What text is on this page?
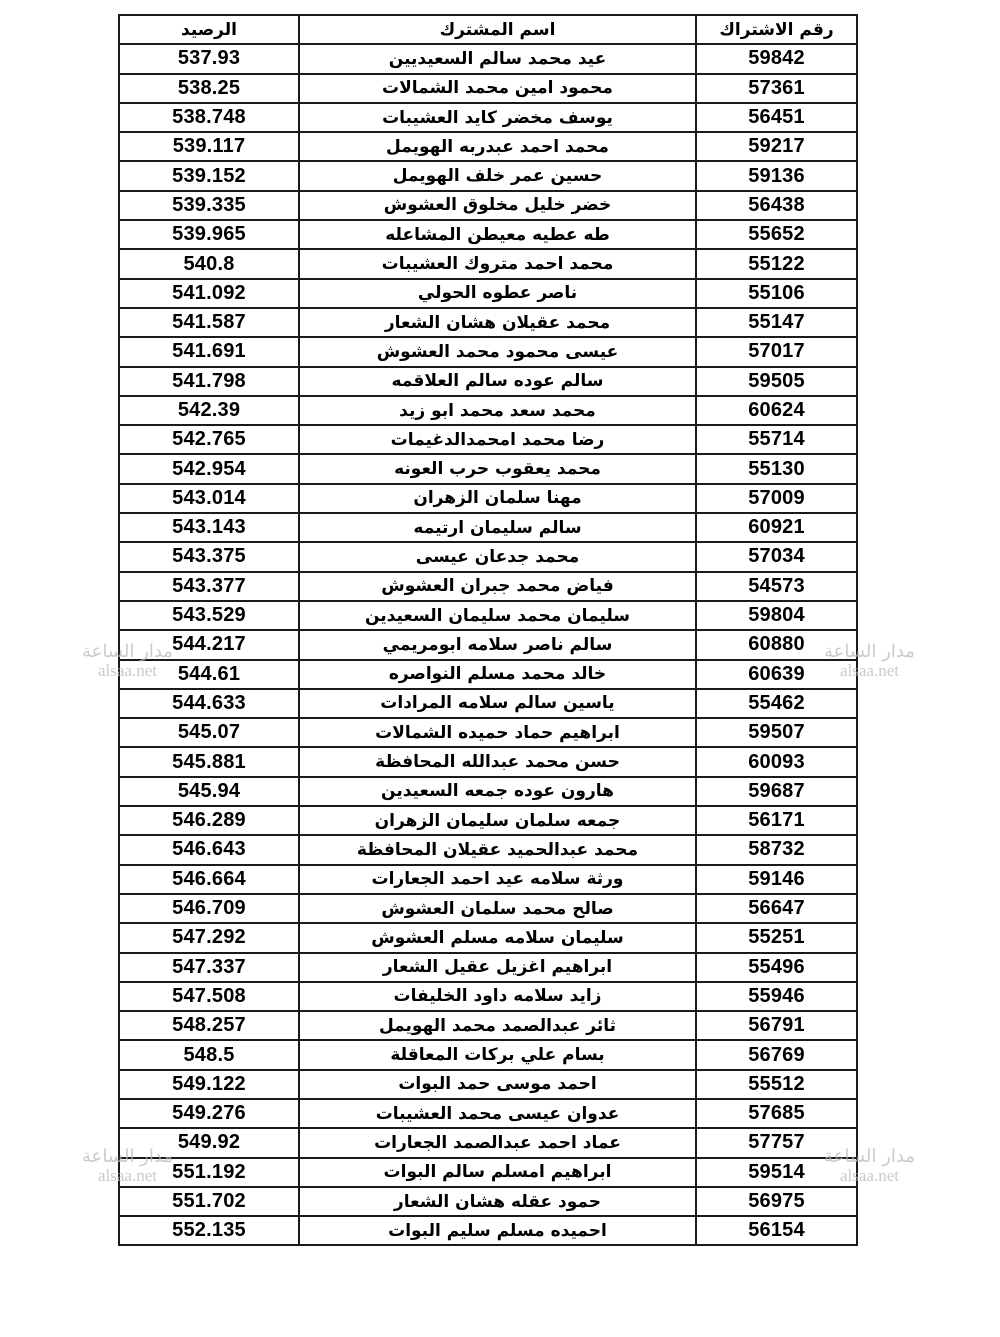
الرصيد	اسم المشترك	رقم الاشتراك
537.93	عيد محمد سالم السعيديين	59842
538.25	محمود امين محمد الشمالات	57361
538.748	يوسف مخضر كايد العشيبات	56451
539.117	محمد احمد عبدربه الهويمل	59217
539.152	حسين عمر خلف الهويمل	59136
539.335	خضر خليل مخلوق العشوش	56438
539.965	طه عطيه معيطن المشاعله	55652
540.8	محمد احمد متروك العشيبات	55122
541.092	ناصر عطوه الحولي	55106
541.587	محمد عقيلان هشان الشعار	55147
541.691	عيسى محمود محمد العشوش	57017
541.798	سالم عوده سالم العلاقمه	59505
542.39	محمد سعد محمد ابو زيد	60624
542.765	رضا محمد امحمدالدغيمات	55714
542.954	محمد يعقوب حرب العونه	55130
543.014	مهنا سلمان الزهران	57009
543.143	سالم سليمان ارتيمه	60921
543.375	محمد جدعان عيسى	57034
543.377	فياض محمد جبران العشوش	54573
543.529	سليمان محمد سليمان السعيدين	59804
544.217	سالم ناصر سلامه ابومريمي	60880
544.61	خالد محمد مسلم النواصره	60639
544.633	ياسين سالم سلامه المرادات	55462
545.07	ابراهيم حماد حميده الشمالات	59507
545.881	حسن محمد عبدالله المحافظة	60093
545.94	هارون عوده جمعه السعيدين	59687
546.289	جمعه سلمان سليمان الزهران	56171
546.643	محمد عبدالحميد عقيلان المحافظة	58732
546.664	ورثة سلامه عيد احمد الجعارات	59146
546.709	صالح محمد سلمان العشوش	56647
547.292	سليمان سلامه مسلم العشوش	55251
547.337	ابراهيم اغزيل عقيل الشعار	55496
547.508	زايد سلامه داود الخليفات	55946
548.257	ثائر عبدالصمد محمد الهويمل	56791
548.5	بسام علي بركات المعاقلة	56769
549.122	احمد موسى حمد البوات	55512
549.276	عدوان عيسى محمد العشيبات	57685
549.92	عماد احمد عبدالصمد الجعارات	57757
551.192	ابراهيم امسلم سالم البوات	59514
551.702	حمود عقله هشان الشعار	56975
552.135	احميده مسلم سليم البوات	56154
مدار الساعة
alsaa.net
مدار الساعة
alsaa.net
مدار الساعة
alsaa.net
مدار الساعة
alsaa.net
